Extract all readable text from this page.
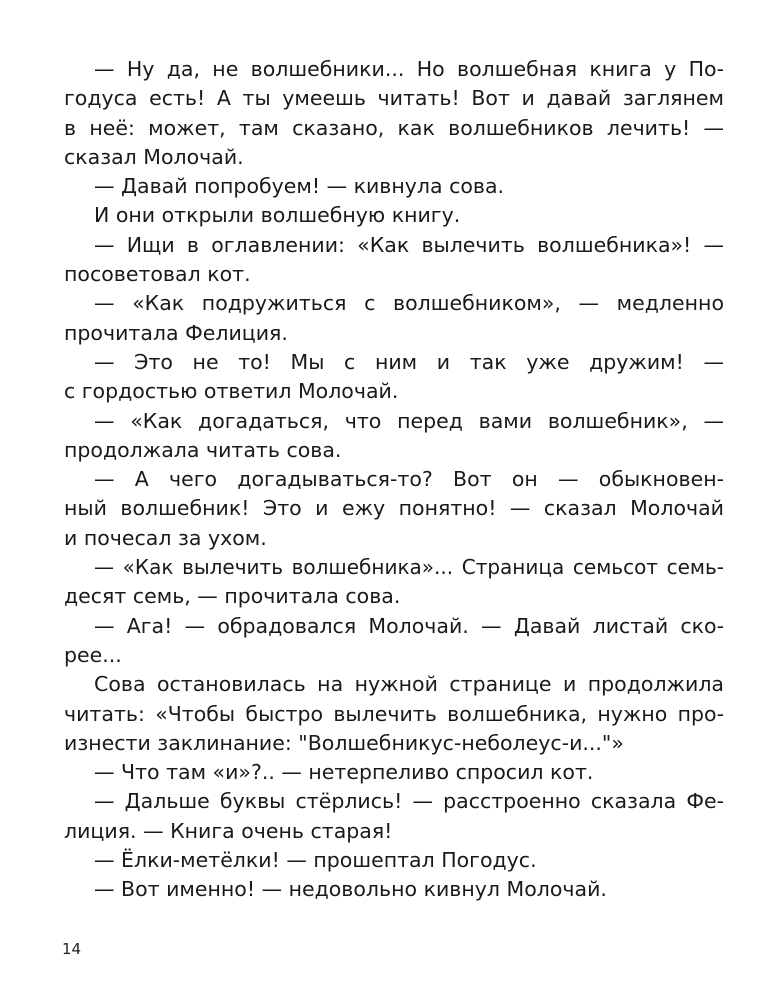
— Ну да, не волшебники... Но волшебная книга у По-
годуса есть! А ты умеешь читать! Вот и давай заглянем
в неё: может, там сказано, как волшебников лечить! —
сказал Молочай.
— Давай попробуем! — кивнула сова.
И они открыли волшебную книгу.
— Ищи в оглавлении: «Как вылечить волшебника»! —
посоветовал кот.
— «Как подружиться с волшебником», — медленно
прочитала Фелиция.
— Это не то! Мы с ним и так уже дружим! —
с гордостью ответил Молочай.
— «Как догадаться, что перед вами волшебник», —
продолжала читать сова.
— А чего догадываться-то? Вот он — обыкновен-
ный волшебник! Это и ежу понятно! — сказал Молочай
и почесал за ухом.
— «Как вылечить волшебника»... Страница семьсот семь-
десят семь, — прочитала сова.
— Ага! — обрадовался Молочай. — Давай листай ско-
рее...
Сова остановилась на нужной странице и продолжила
читать: «Чтобы быстро вылечить волшебника, нужно про-
изнести заклинание: "Волшебникус-неболеус-и..."»
— Что там «и»?.. — нетерпеливо спросил кот.
— Дальше буквы стёрлись! — расстроенно сказала Фе-
лиция. — Книга очень старая!
— Ёлки-метёлки! — прошептал Погодус.
— Вот именно! — недовольно кивнул Молочай.
14
